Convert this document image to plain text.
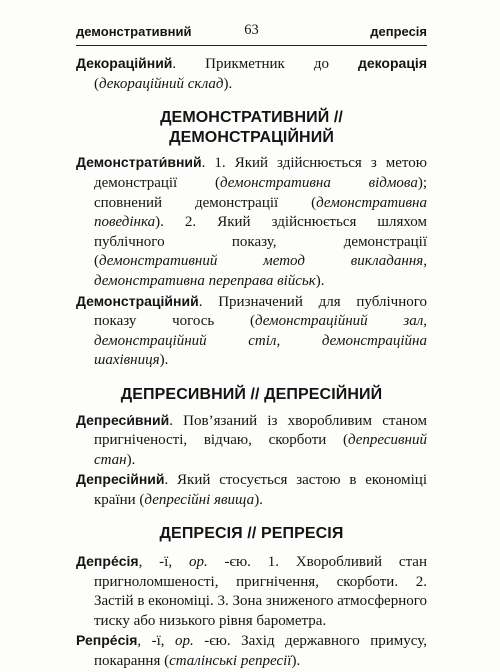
демонстративний	63	депресія

Декораційний. Прикметник до декорація (декораційний склад).

ДЕМОНСТРАТИВНИЙ // ДЕМОНСТРАЦІЙНИЙ

Демонстрати́вний. 1. Який здійснюється з метою демонстрації (демонстративна відмова); сповнений демонстрації (демонстративна поведінка). 2. Який здійснюється шляхом публічного показу, демонстрації (демонстративний метод викладання, демонстративна переправа військ).

Демонстраційний. Призначений для публічного показу чогось (демонстраційний зал, демонстраційний стіл, демонстраційна шахівниця).

ДЕПРЕСИВНИЙ // ДЕПРЕСІЙНИЙ

Депреси́вний. Пов’язаний із хворобливим станом пригніченості, відчаю, скорботи (депресивний стан).

Депресійний. Який стосується застою в економіці країни (депресійні явища).

ДЕПРЕСІЯ // РЕПРЕСІЯ

Депре́сія, -ї, ор. -єю. 1. Хворобливий стан пригноломшеності, пригнічення, скорботи. 2. Застій в економіці. 3. Зона зниженого атмосферного тиску або низького рівня барометра.

Репре́сія, -ї, ор. -єю. Захід державного примусу, покарання (сталінські репресії).
